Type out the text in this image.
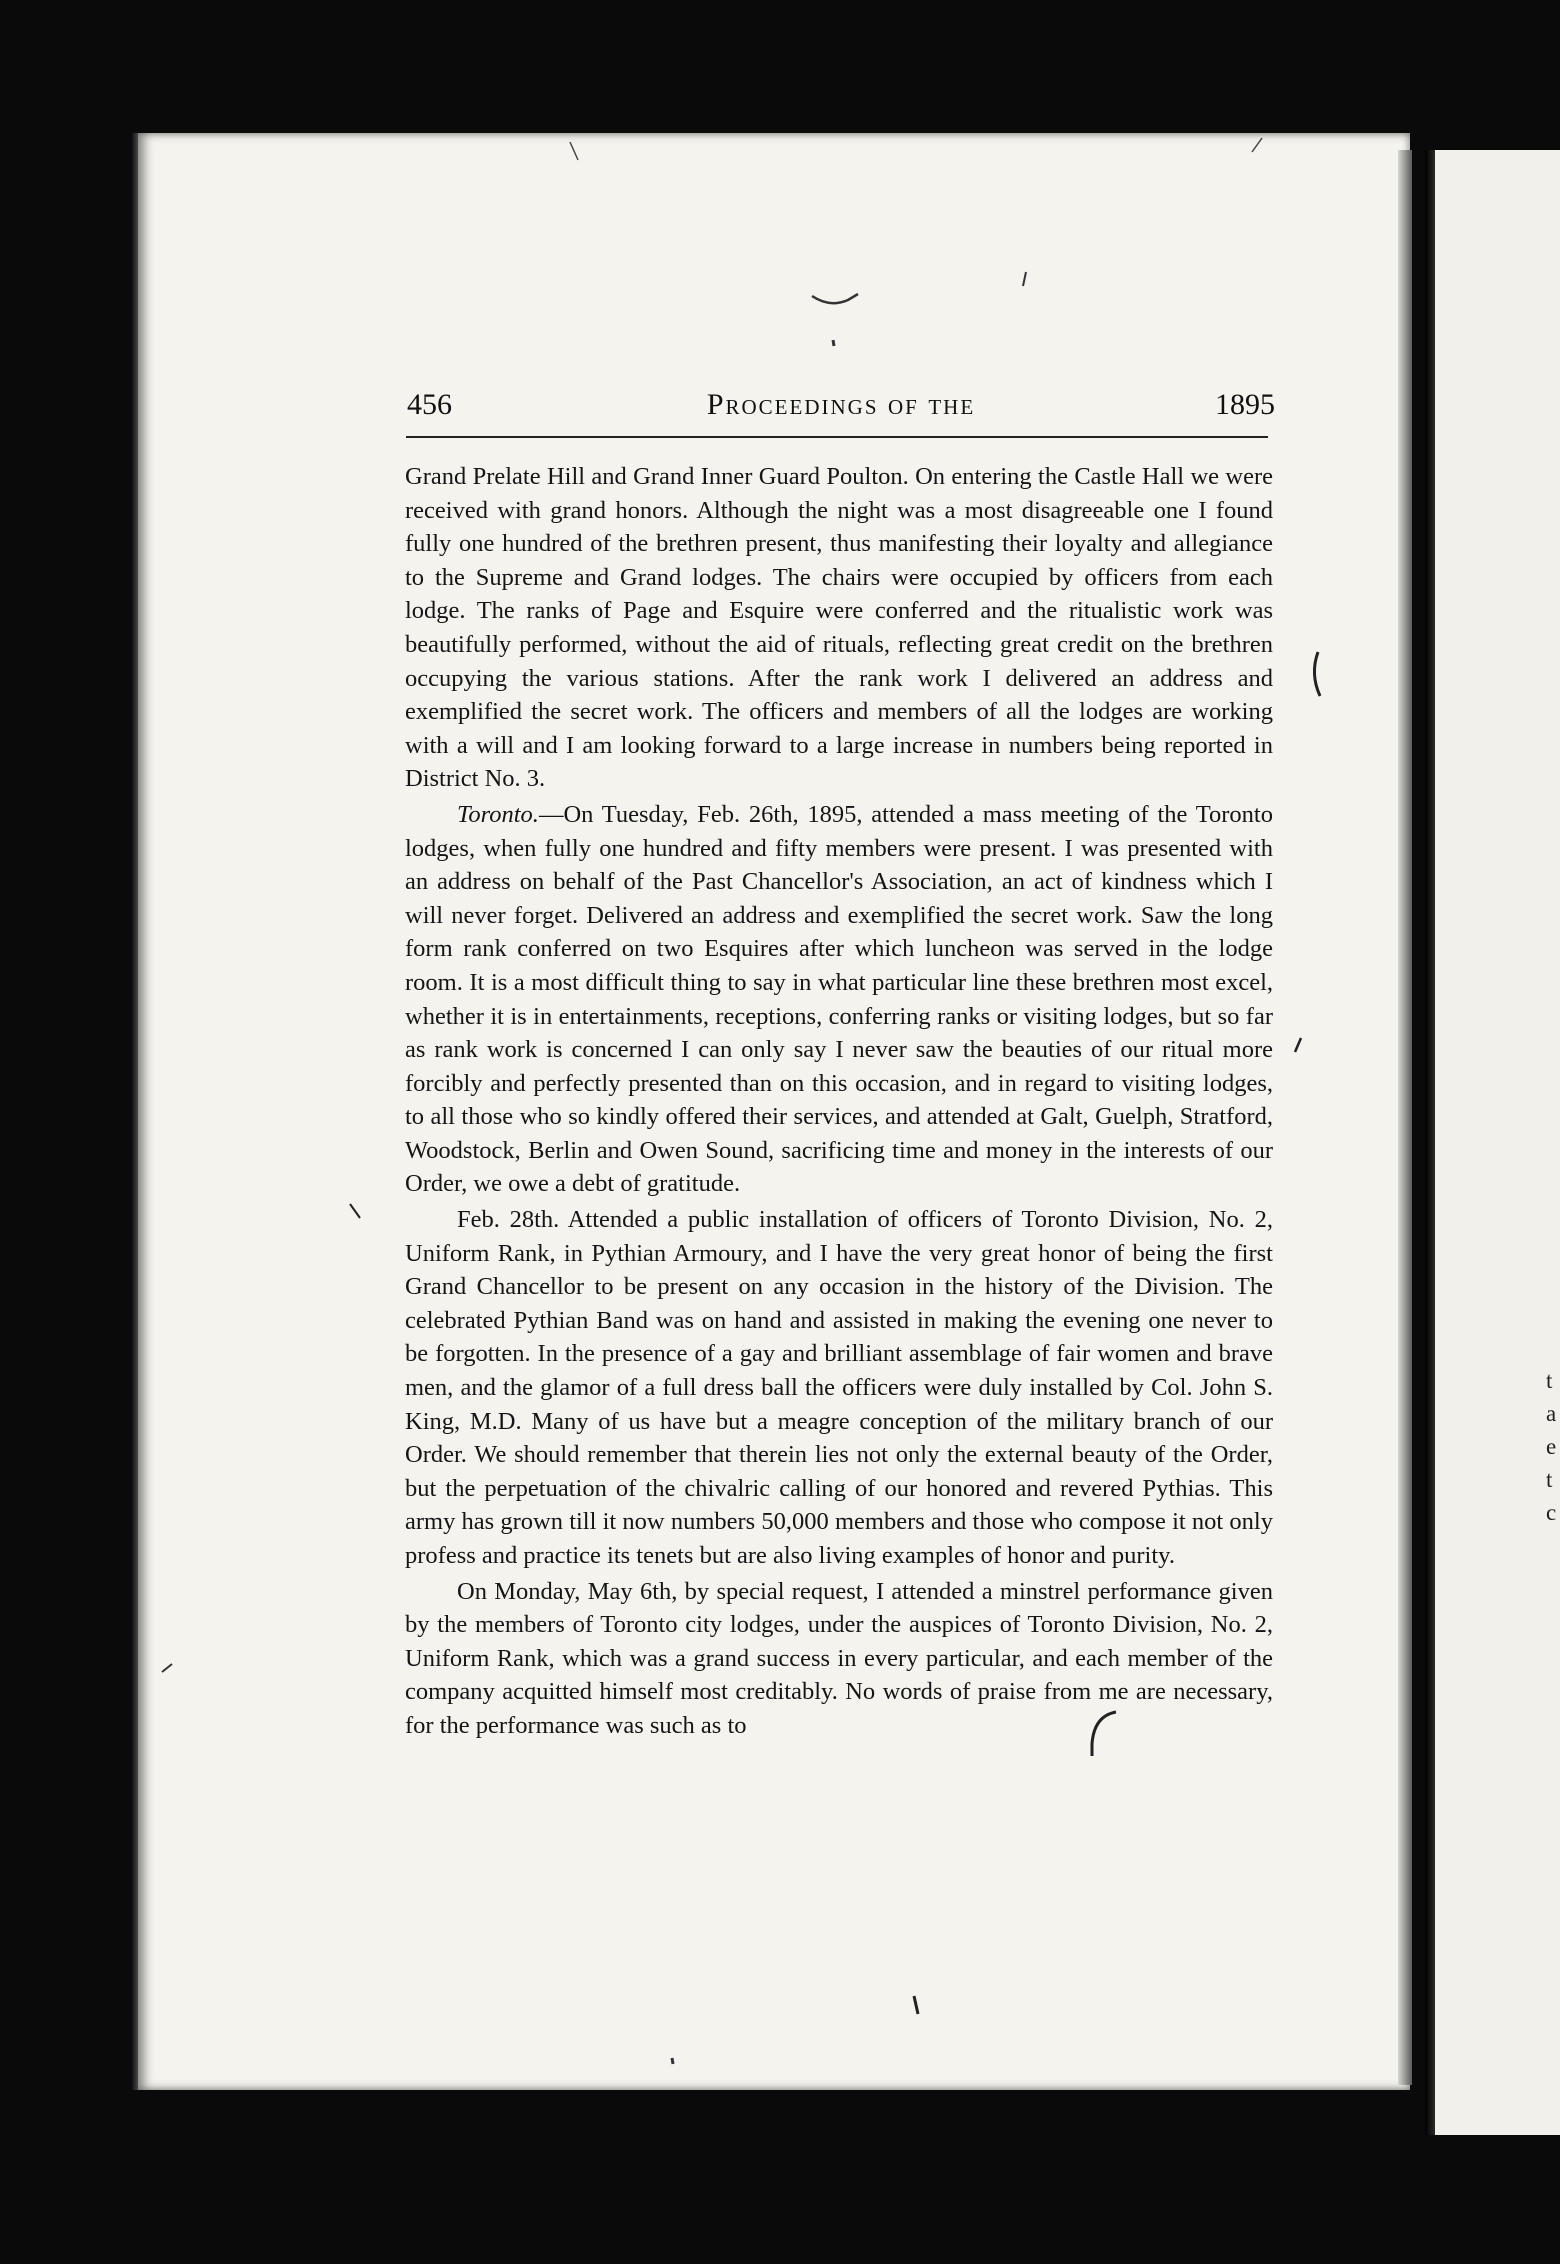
t
a
e
t
c
456	Proceedings of the	1895

Grand Prelate Hill and Grand Inner Guard Poulton. On entering the Castle Hall we were received with grand honors. Although the night was a most disagreeable one I found fully one hundred of the brethren present, thus manifesting their loyalty and allegiance to the Supreme and Grand lodges. The chairs were occupied by officers from each lodge. The ranks of Page and Esquire were conferred and the ritualistic work was beautifully performed, without the aid of rituals, reflecting great credit on the brethren occupying the various stations. After the rank work I delivered an address and exemplified the secret work. The officers and members of all the lodges are working with a will and I am looking forward to a large increase in numbers being reported in District No. 3.

Toronto.—On Tuesday, Feb. 26th, 1895, attended a mass meeting of the Toronto lodges, when fully one hundred and fifty members were present. I was presented with an address on behalf of the Past Chancellor's Association, an act of kindness which I will never forget. Delivered an address and exemplified the secret work. Saw the long form rank conferred on two Esquires after which luncheon was served in the lodge room. It is a most difficult thing to say in what particular line these brethren most excel, whether it is in entertainments, receptions, conferring ranks or visiting lodges, but so far as rank work is concerned I can only say I never saw the beauties of our ritual more forcibly and perfectly presented than on this occasion, and in regard to visiting lodges, to all those who so kindly offered their services, and attended at Galt, Guelph, Stratford, Woodstock, Berlin and Owen Sound, sacrificing time and money in the interests of our Order, we owe a debt of gratitude.

Feb. 28th. Attended a public installation of officers of Toronto Division, No. 2, Uniform Rank, in Pythian Armoury, and I have the very great honor of being the first Grand Chancellor to be present on any occasion in the history of the Division. The celebrated Pythian Band was on hand and assisted in making the evening one never to be forgotten. In the presence of a gay and brilliant assemblage of fair women and brave men, and the glamor of a full dress ball the officers were duly installed by Col. John S. King, M.D. Many of us have but a meagre conception of the military branch of our Order. We should remember that therein lies not only the external beauty of the Order, but the perpetuation of the chivalric calling of our honored and revered Pythias. This army has grown till it now numbers 50,000 members and those who compose it not only profess and practice its tenets but are also living examples of honor and purity.

On Monday, May 6th, by special request, I attended a minstrel performance given by the members of Toronto city lodges, under the auspices of Toronto Division, No. 2, Uniform Rank, which was a grand success in every particular, and each member of the company acquitted himself most creditably. No words of praise from me are necessary, for the performance was such as to
